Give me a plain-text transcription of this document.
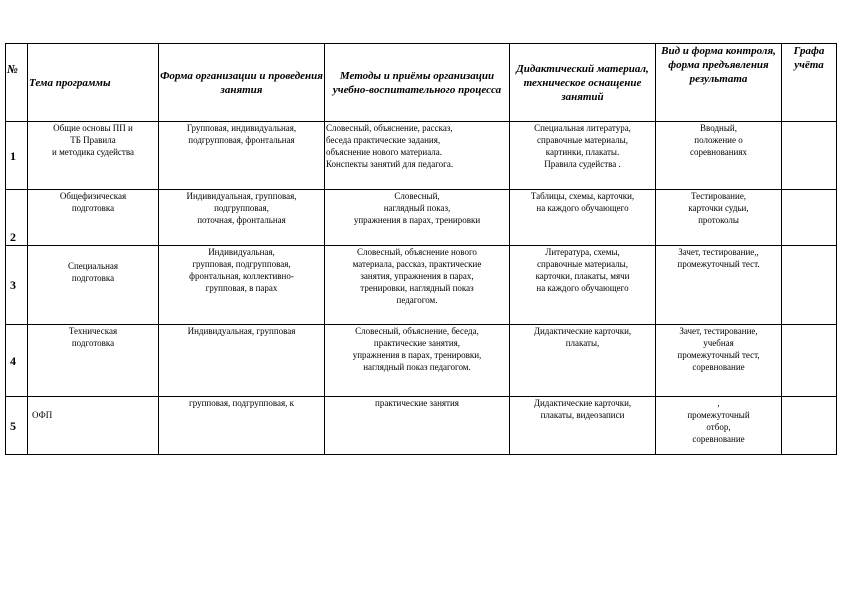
№	Тема программы	Форма организации и проведения занятия	Методы и приёмы организации учебно-воспитательного процесса	Дидактический материал, техническое оснащение занятий	Вид и форма контроля, форма предъявления результата	Графа учёта
1	Общие основы ПП и
ТБ Правила
и методика судейства	Групповая, индивидуальная,
подгрупповая, фронтальная	Словесный, объяснение, рассказ,
беседа практические задания,
объяснение нового материала.
Конспекты занятий для педагога.	Специальная литература,
справочные материалы,
картинки, плакаты.
Правила судейства .	Вводный,
положение о
соревнованиях	
2	Общефизическая
подготовка	Индивидуальная, групповая,
подгрупповая,
поточная, фронтальная	Словесный,
наглядный показ,
упражнения в парах, тренировки	Таблицы, схемы, карточки,
на каждого обучающего	Тестирование,
карточки судьи,
протоколы	
3	Специальная
подготовка	Индивидуальная,
групповая, подгрупповая,
фронтальная, коллективно-
групповая, в парах	Словесный, объяснение нового
материала, рассказ, практические
занятия, упражнения в парах,
тренировки, наглядный показ
педагогом.	Литература, схемы,
справочные материалы,
карточки, плакаты, мячи
на каждого обучающего	Зачет, тестирование,,
промежуточный тест.	
4	Техническая
подготовка	Индивидуальная, групповая	Словесный, объяснение, беседа,
практические занятия,
упражнения в парах, тренировки,
наглядный показ педагогом.	Дидактические карточки,
плакаты,	Зачет, тестирование,
учебная
промежуточный тест,
соревнование	
5	ОФП	групповая, подгрупповая, к	практические занятия	Дидактические карточки,
плакаты, видеозаписи	,
промежуточный
отбор,
соревнование	
